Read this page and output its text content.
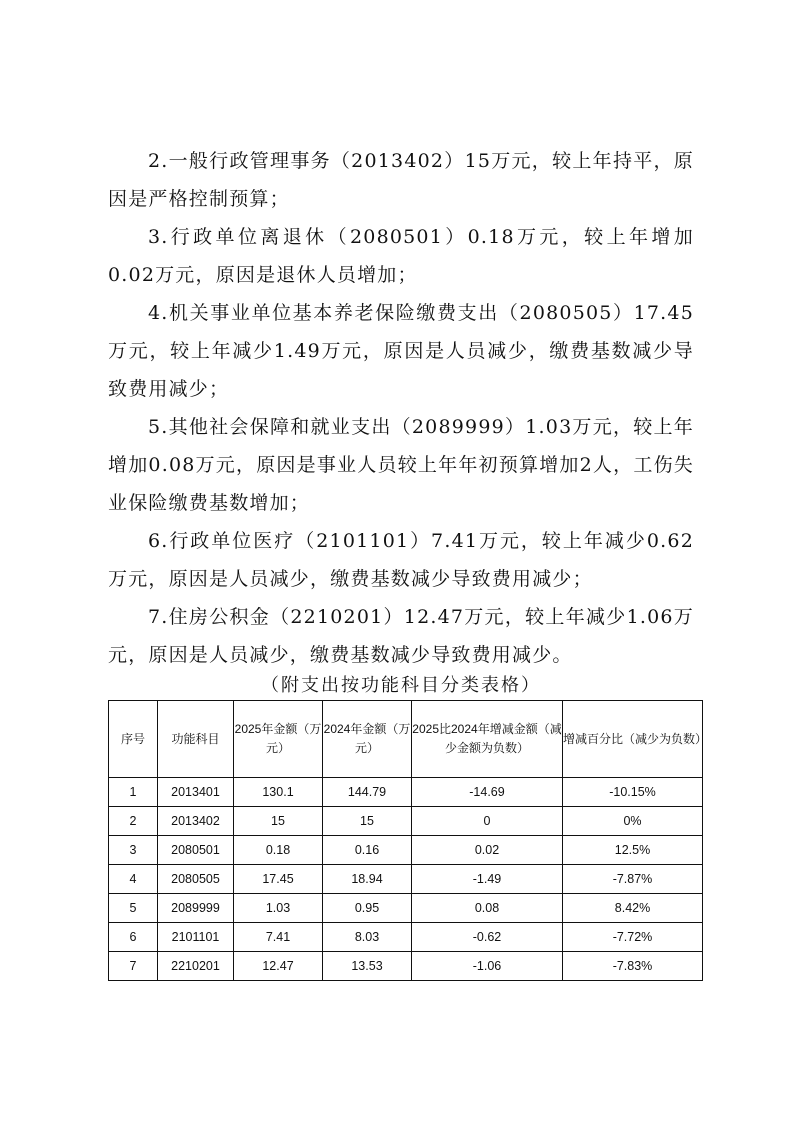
2.一般行政管理事务（2013402）15万元，较上年持平，原因是严格控制预算；

3.行政单位离退休（2080501）0.18万元，较上年增加0.02万元，原因是退休人员增加；

4.机关事业单位基本养老保险缴费支出（2080505）17.45万元，较上年减少1.49万元，原因是人员减少，缴费基数减少导致费用减少；

5.其他社会保障和就业支出（2089999）1.03万元，较上年增加0.08万元，原因是事业人员较上年年初预算增加2人，工伤失业保险缴费基数增加；

6.行政单位医疗（2101101）7.41万元，较上年减少0.62万元，原因是人员减少，缴费基数减少导致费用减少；

7.住房公积金（2210201）12.47万元，较上年减少1.06万元，原因是人员减少，缴费基数减少导致费用减少。

（附支出按功能科目分类表格）
序号	功能科目	2025年金额（万元）	2024年金额（万元）	2025比2024年增减金额（减少金额为负数）	增减百分比（减少为负数）
1	2013401	130.1	144.79	-14.69	-10.15%
2	2013402	15	15	0	0%
3	2080501	0.18	0.16	0.02	12.5%
4	2080505	17.45	18.94	-1.49	-7.87%
5	2089999	1.03	0.95	0.08	8.42%
6	2101101	7.41	8.03	-0.62	-7.72%
7	2210201	12.47	13.53	-1.06	-7.83%
